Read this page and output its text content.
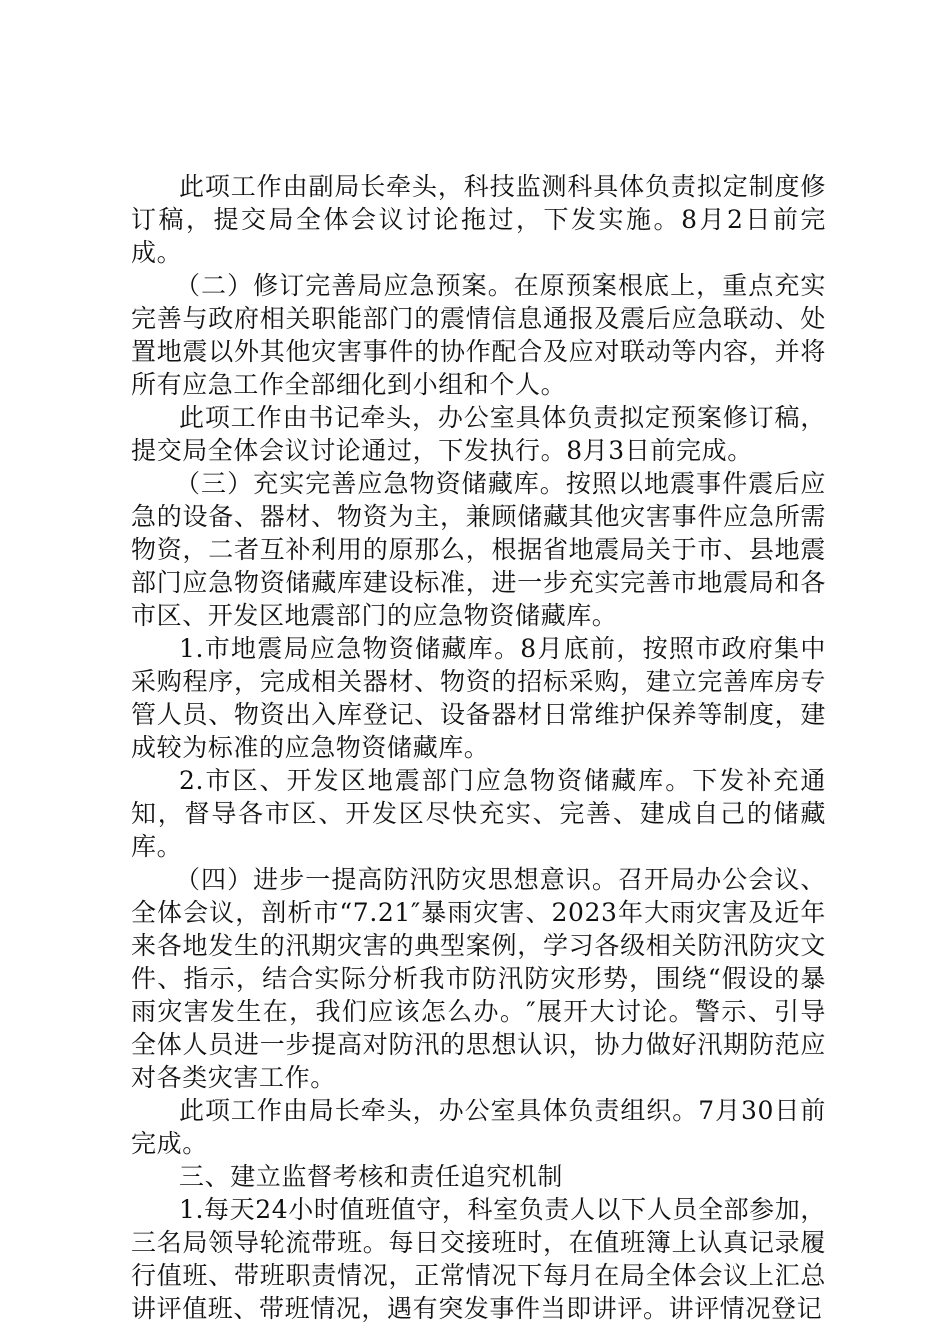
此项工作由副局长牵头，科技监测科具体负责拟定制度修订稿，提交局全体会议讨论拖过，下发实施。8月2日前完成。

（二）修订完善局应急预案。在原预案根底上，重点充实完善与政府相关职能部门的震情信息通报及震后应急联动、处置地震以外其他灾害事件的协作配合及应对联动等内容，并将所有应急工作全部细化到小组和个人。

此项工作由书记牵头，办公室具体负责拟定预案修订稿，提交局全体会议讨论通过，下发执行。8月3日前完成。

（三）充实完善应急物资储藏库。按照以地震事件震后应急的设备、器材、物资为主，兼顾储藏其他灾害事件应急所需物资，二者互补利用的原那么，根据省地震局关于市、县地震部门应急物资储藏库建设标准，进一步充实完善市地震局和各市区、开发区地震部门的应急物资储藏库。

1.市地震局应急物资储藏库。8月底前，按照市政府集中采购程序，完成相关器材、物资的招标采购，建立完善库房专管人员、物资出入库登记、设备器材日常维护保养等制度，建成较为标准的应急物资储藏库。

2.市区、开发区地震部门应急物资储藏库。下发补充通知，督导各市区、开发区尽快充实、完善、建成自己的储藏库。

（四）进步一提高防汛防灾思想意识。召开局办公会议、全体会议，剖析市“7.21″暴雨灾害、2023年大雨灾害及近年来各地发生的汛期灾害的典型案例，学习各级相关防汛防灾文件、指示，结合实际分析我市防汛防灾形势，围绕“假设的暴雨灾害发生在，我们应该怎么办。″展开大讨论。警示、引导全体人员进一步提高对防汛的思想认识，协力做好汛期防范应对各类灾害工作。

此项工作由局长牵头，办公室具体负责组织。7月30日前完成。

三、建立监督考核和责任追究机制

1.每天24小时值班值守，科室负责人以下人员全部参加，三名局领导轮流带班。每日交接班时，在值班簿上认真记录履行值班、带班职责情况，正常情况下每月在局全体会议上汇总讲评值班、带班情况，遇有突发事件当即讲评。讲评情况登记
